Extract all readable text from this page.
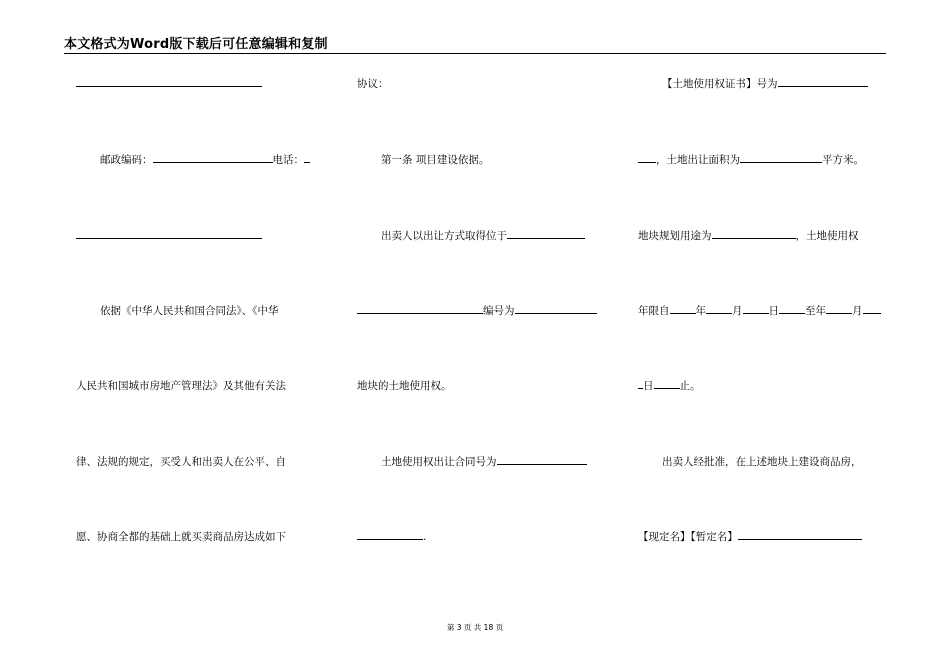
本文格式为Word版下载后可任意编辑和复制
邮政编码：	电话：
依据《中华人民共和国合同法》、《中华
人民共和国城市房地产管理法》及其他有关法
律、法规的规定，买受人和出卖人在公平、自
愿、协商全都的基础上就买卖商品房达成如下
协议：
第一条 项目建设依据。
出卖人以出让方式取得位于
编号为
地块的土地使用权。
土地使用权出让合同号为
.
【土地使用权证书】号为
，土地出让面积为	平方米。
地块规划用途为	，土地使用权
年限自 年 月 日 至年 月
日 止。
出卖人经批准，在上述地块上建设商品房，
【现定名】【暂定名】
第 3 页 共 18 页
